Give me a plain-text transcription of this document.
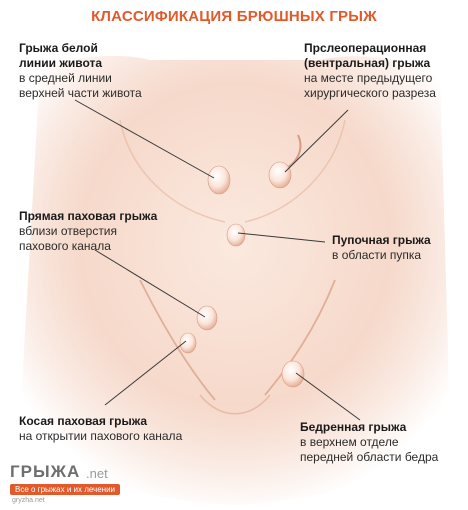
КЛАССИФИКАЦИЯ БРЮШНЫХ ГРЫЖ
Грыжа белой
линии живота
в средней линии
верхней части живота
Прслеоперационная
(вентральная) грыжа
на месте предыдущего
хирургического разреза
Прямая паховая грыжа
вблизи отверстия
пахового канала	Пупочная грыжа
в области пупка
Косая паховая грыжа
на открытии пахового канала
Бедренная грыжа
в верхнем отделе
передней области бедра
ГРЫЖА .net
Все о грыжах и их лечении
gryzha.net
